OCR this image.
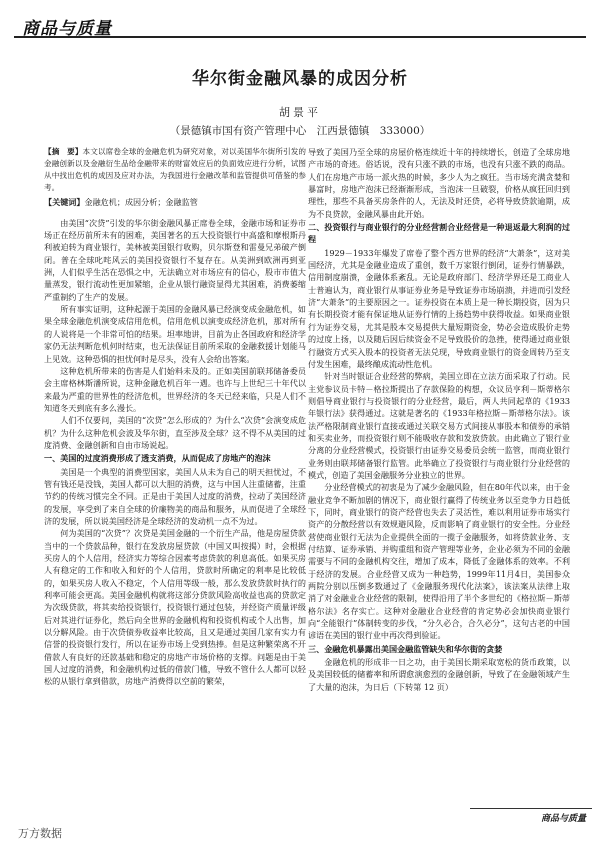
商品与质量
华尔街金融风暴的成因分析
胡景平
（景德镇市国有资产管理中心　江西景德镇　333000）

【摘　要】本文以席卷全球的金融危机为研究对象，对以美国华尔街所引发的金融创新以及金融衍生品给金融带来的财富效应后的负面效应进行分析，试图从中找出危机的成因及应对办法，为我国进行金融改革和监管提供可借鉴的参考。

【关键词】金融危机；成因分析；金融监管

由美国“次贷”引发的华尔街金融风暴正席卷全球，金融市场和证券市场正在经历前所未有的困难，美国著名的五大投资银行中高盛和摩根斯丹利被迫转为商业银行，美林被美国银行收购，贝尔斯登和雷曼兄弟破产倒闭。普在全球叱咤风云的美国投资银行不复存在。从美洲到欧洲再到亚洲，人们似乎生活在恐惧之中，无法确立对市场应有的信心，股市市值大量蒸发，银行流动性更加紧缩，企业从银行融资显得尤其困难，消费萎缩严重制约了生产的发展。

所有事实证明，这种起源于美国的金融风暴已经演变成金融危机，如果全球金融危机演变成信用危机，信用危机以演变成经济危机，那对所有的人说将是一个非常可怕的结果。坦率地讲，目前为止各国政府和经济学家仍无法判断危机何时结束，也无法保证目前所采取的金融救援计划能马上见效。这种恐惧的担忧何时是尽头，没有人会给出答案。

这种危机所带来的伤害是人们始料未及的。正如美国前联邦储备委员会主席格林斯潘所说，这种金融危机百年一遇。也许与上世纪三十年代以来最为严重的世界性的经济危机，世界经济的冬天已经来临，只是人们不知道冬天到底有多么漫长。

人们不仅要问，美国的“次贷”怎么形成的？为什么“次贷”会演变成危机？为什么这种危机会波及华尔街，直至涉及全球？这不得不从美国的过度消费、金融创新和自由市场说起。

一、美国的过度消费形成了透支消费，从而促成了房地产的泡沫

美国是一个典型的消费型国家，美国人从未为自己的明天担忧过，不管有钱还是没钱，美国人都可以大胆的消费，这与中国人注重储蓄，注重节约的传统习惯完全不同。正是由于美国人过度的消费，拉动了美国经济的发展，享受到了来自全球的价廉物美的商品和服务，从而促进了全球经济的发展，所以说美国经济是全球经济的发动机一点不为过。

何为美国的“次贷”？次贷是美国金融的一个衍生产品，他是房屋贷款当中的一个贷款品种，银行在发放房屋贷款（中国又叫按揭）时，会根据买房人的个人信用，经济实力等综合因素考虑贷款的利息高低。如果买房人有稳定的工作和收入和好的个人信用，贷款时所确定的利率是比较低的，如果买房人收入不稳定，个人信用等级一般，那么发放贷款时执行的利率可能会更高。美国金融机构就将这部分贷款风险高收益也高的贷款定为次级贷款，将其卖给投资银行，投资银行通过包装，并经资产质量评级后对其进行证券化，然后向全世界的金融机构和投资机构或个人出售，加以分解风险。由于次贷债券收益率比较高，且又是通过美国几家有实力有信誉的投资银行发行，所以在证券市场上受到热捧。但是这种繁荣离不开借款人有良好的还款基础和稳定的房地产市场价格的支撑。问题是由于美国人过度的消费，和金融机构过低的借款门槛，导致不管什么人都可以轻松的从银行拿到借款，房地产消费得以空前的繁荣，

导致了美国乃至全球的房屋价格连续近十年的持续增长，创造了全球房地产市场的奇迹。俗话说，没有只涨不跌的市场，也没有只涨不跌的商品。人们在房地产市场一派火热的时候，多少人为之疯狂。当市场充满贪婪和暴富时，房地产泡沫已经渐渐形成，当泡沫一旦破裂，价格从疯狂回归到理性，那些不具备买房条件的人，无法及时还贷，必将导致贷款逾期，成为不良贷款，金融风暴由此开始。

二、投资银行与商业银行的分业经营割合业经营是一种退返最大利润的过程

1929－1933年爆发了席卷了整个西方世界的经济“大萧条”，这对美国经济，尤其是金融业造成了重创，数千万家银行倒闭，证券行情暴跌，信用制度崩溃，金融体系紊乱。无论是政府部门、经济学界还是工商业人士普遍认为，商业银行从事证券业务是导致证券市场崩溃，并进而引发经济“大萧条”的主要原因之一。证券投资在本质上是一种长期投资，因为只有长期投资才能有保证地从证券行情的上扬趋势中获得收益。如果商业银行为证券交易，尤其是股本交易提供大量短期资金，势必会造成股价走势的过度上扬，以及随后因后续资金不足导致股价的急挫，使得通过商业银行融资方式买入股本的投资者无法兑现，导致商业银行的资金周转乃至支付发生困难，最终酿成流动性危机。

针对当时银证合业经营的弊病，美国立即在立法方面采取了行动。民主党参议员卡特－格拉斯提出了存款保险的构想，众议员亨利－斯蒂格尔则倡导商业银行与投资银行的分业经营，最后，两人共同起草的《1933年银行法》获得通过。这就是著名的《1933年格拉斯－斯蒂格尔法》。该法严格限制商业银行直接或通过关联交易方式间接从事股本和债券的承销和买卖业务，而投资银行则不能吸收存款和发放贷款。由此确立了银行业分离的分业经营模式，投资银行由证券交易委员会统一监管，而商业银行业务则由联邦储备银行监管。此举确立了投资银行与商业银行分业经营的模式，创造了美国金融服务分业独立的世界。

分业经营模式的初衷是为了减少金融风险，但在80年代以来，由于金融业竞争不断加剧的情况下，商业银行赢得了传统业务以至竞争力日趋低下，同时，商业银行的资产经营也失去了灵活性，难以利用证券市场实行资产的分散经营以有效规避风险，反而影响了商业银行的安全性。分业经营使商业银行无法为企业提供全面的一揽子金融服务，如将贷款业务、支付结算、证券承销、并购重组和资产管理等业务，企业必须为不同的金融需要与不同的金融机构交往，增加了成本，降低了金融体系的效率。不利于经济的发展。合业经营又成为一种趋势，1999年11月4日，美国参众两院分别以压倒多数通过了《金融服务现代化法案》，该法案从法律上取消了对金融业合业经营的限制，使得沿用了半个多世纪的《格拉斯－斯蒂格尔法》名存实亡。这种对金融业合业经营的肯定势必会加快商业银行向“全能银行”体制转变的步伐，“分久必合，合久必分”，这句古老的中国谚语在美国的银行业中再次得到验证。

三、金融危机暴露出美国金融监管缺失和华尔街的贪婪

金融危机的形成非一日之功，由于美国长期采取宽松的货币政策，以及美国较低的储蓄率和所谓愈演愈烈的金融创新，导致了在金融领域产生了大量的泡沫，为日后（下转第 12 页）

商品与质量
万方数据
